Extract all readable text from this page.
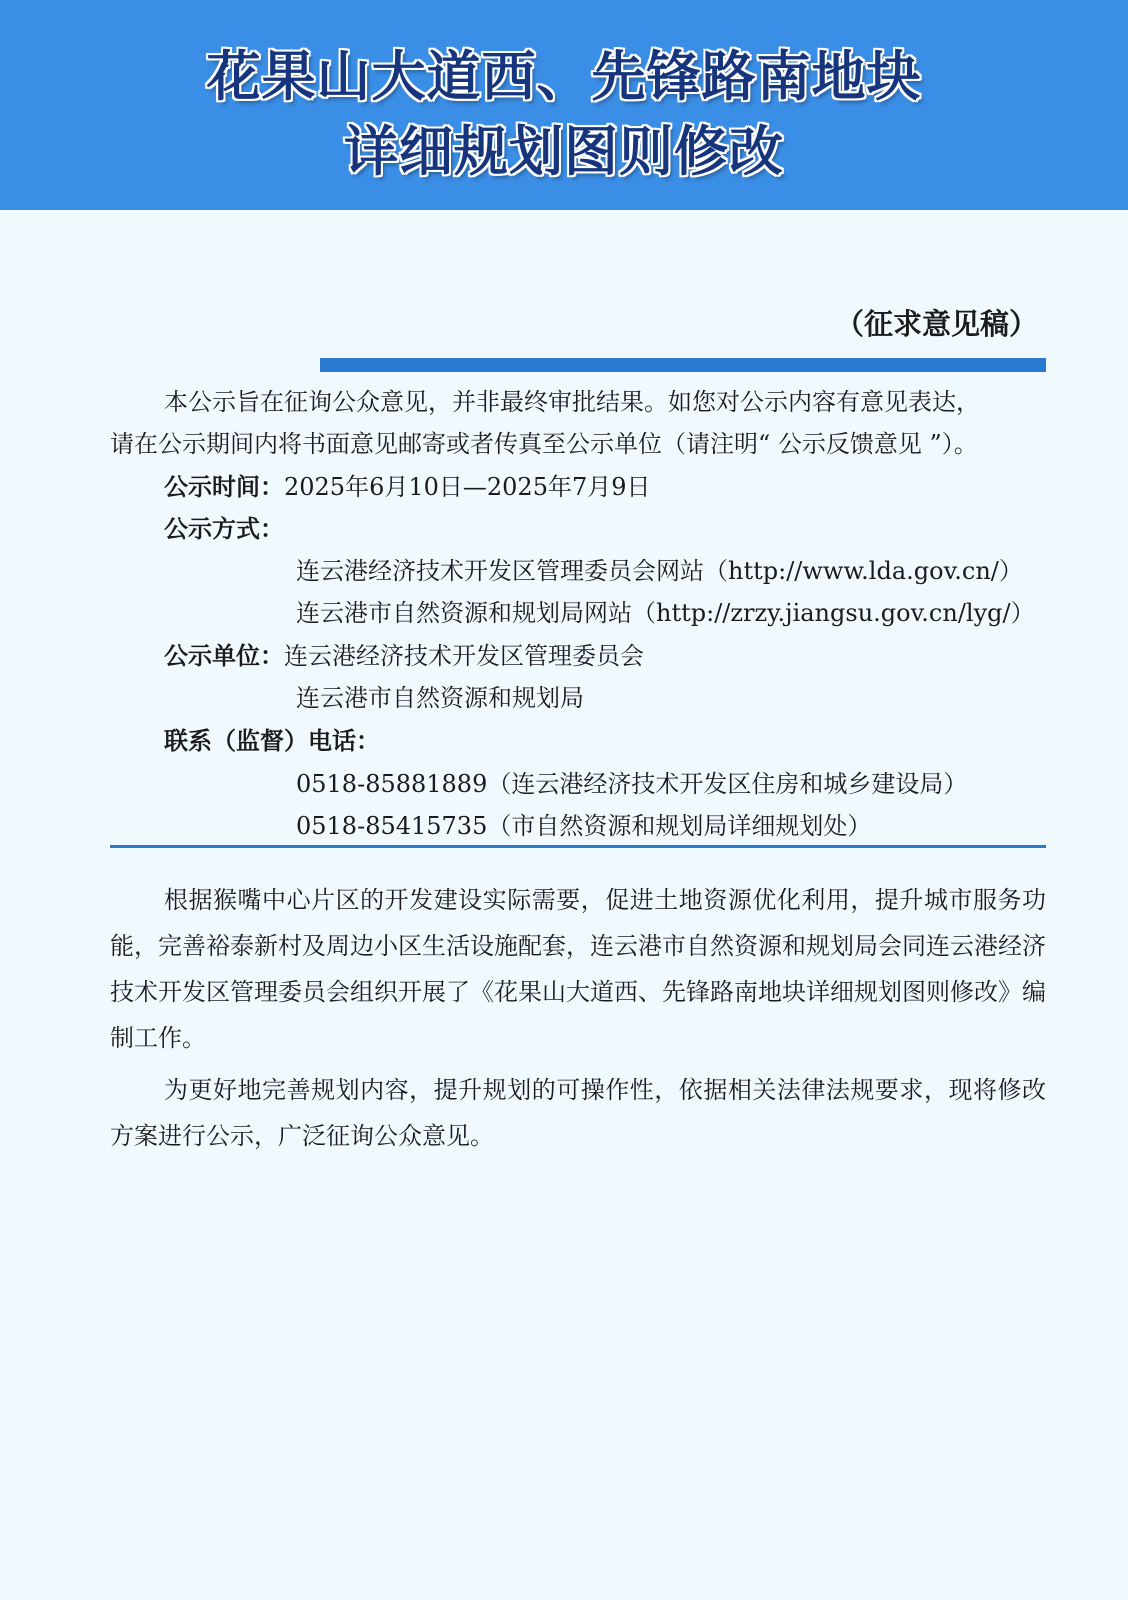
花果山大道西、先锋路南地块
详细规划图则修改
（征求意见稿）
本公示旨在征询公众意见，并非最终审批结果。如您对公示内容有意见表达，
请在公示期间内将书面意见邮寄或者传真至公示单位（请注明“ 公示反馈意见 ”）。
公示时间：2025年6月10日—2025年7月9日
公示方式：
连云港经济技术开发区管理委员会网站（http://www.lda.gov.cn/）
连云港市自然资源和规划局网站（http://zrzy.jiangsu.gov.cn/lyg/）
公示单位：连云港经济技术开发区管理委员会
连云港市自然资源和规划局
联系（监督）电话：
0518-85881889（连云港经济技术开发区住房和城乡建设局）
0518-85415735（市自然资源和规划局详细规划处）

根据猴嘴中心片区的开发建设实际需要，促进土地资源优化利用，提升城市服务功能，完善裕泰新村及周边小区生活设施配套，连云港市自然资源和规划局会同连云港经济技术开发区管理委员会组织开展了《花果山大道西、先锋路南地块详细规划图则修改》编制工作。

为更好地完善规划内容，提升规划的可操作性，依据相关法律法规要求，现将修改方案进行公示，广泛征询公众意见。
